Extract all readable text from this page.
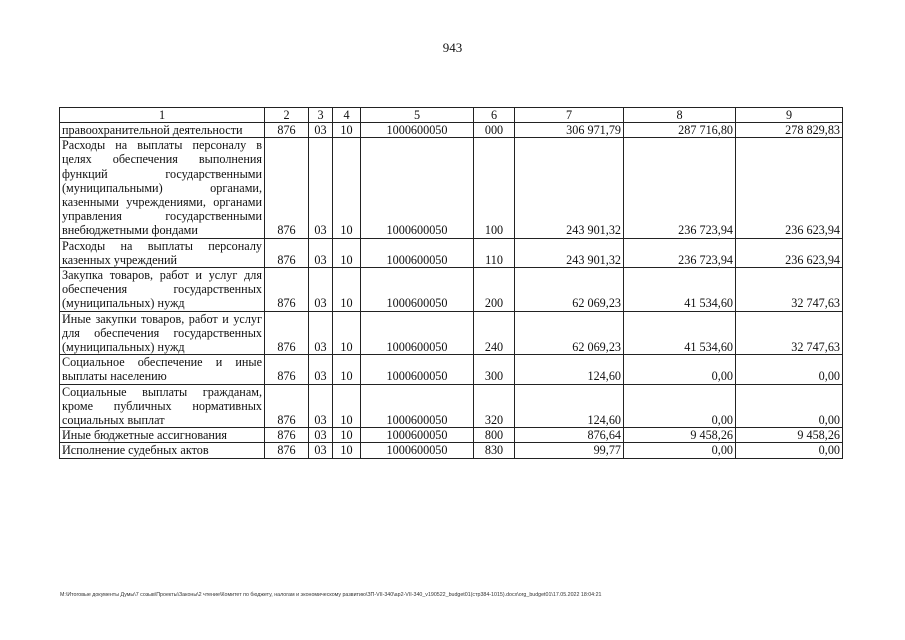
943
1	2	3	4	5	6	7	8	9
правоохранительной деятельности	876	03	10	1000600050	000	306 971,79	287 716,80	278 829,83
Расходы на выплаты персоналу в целях обеспечения выполнения функций государственными (муниципальными) органами, казенными учреждениями, органами управления государственными внебюджетными фондами	876	03	10	1000600050	100	243 901,32	236 723,94	236 623,94
Расходы на выплаты персоналу казенных учреждений	876	03	10	1000600050	110	243 901,32	236 723,94	236 623,94
Закупка товаров, работ и услуг для обеспечения государственных (муниципальных) нужд	876	03	10	1000600050	200	62 069,23	41 534,60	32 747,63
Иные закупки товаров, работ и услуг для обеспечения государственных (муниципальных) нужд	876	03	10	1000600050	240	62 069,23	41 534,60	32 747,63
Социальное обеспечение и иные выплаты населению	876	03	10	1000600050	300	124,60	0,00	0,00
Социальные выплаты гражданам, кроме публичных нормативных социальных выплат	876	03	10	1000600050	320	124,60	0,00	0,00
Иные бюджетные ассигнования	876	03	10	1000600050	800	876,64	9 458,26	9 458,26
Исполнение судебных актов	876	03	10	1000600050	830	99,77	0,00	0,00
M:\Итоговые документы Думы\7 созыв\Проекты\Законы\2 чтение\Комитет по бюджету, налогам и экономическому развитию\ЗП-VII-340\ap2-VII-340_v190522_budget01(стр384-1015).docx\org_budget01\17.05.2022 18:04:21
